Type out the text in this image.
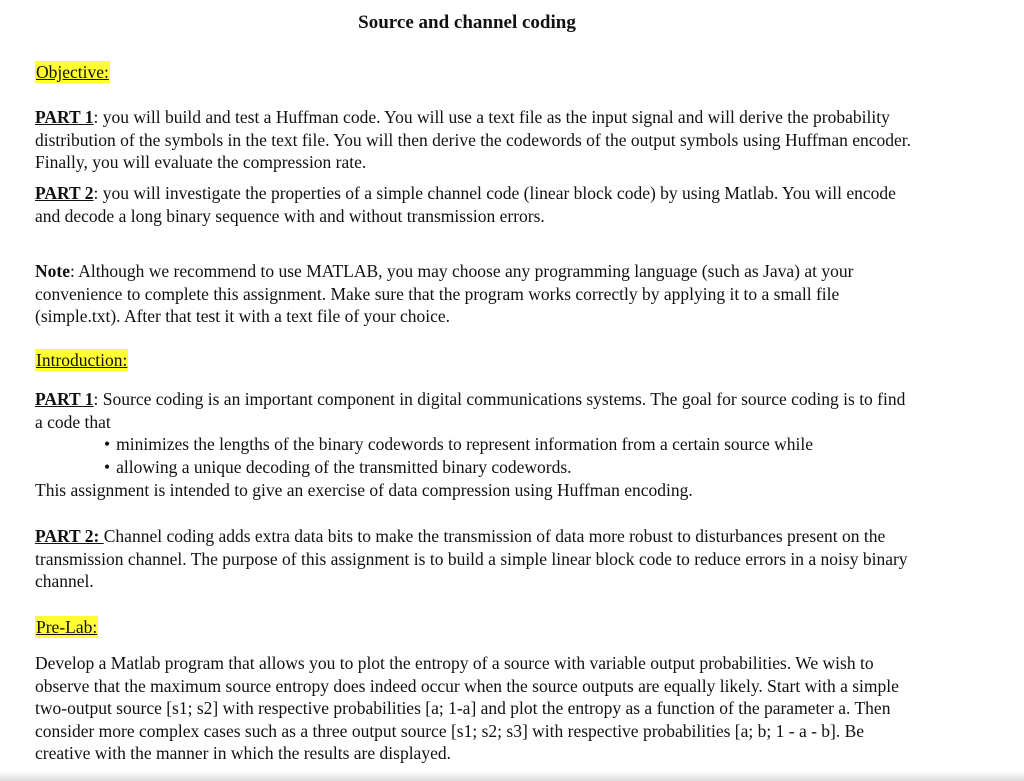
Source and channel coding
Objective:
PART 1: you will build and test a Huffman code. You will use a text file as the input signal and will derive the probability distribution of the symbols in the text file. You will then derive the codewords of the output symbols using Huffman encoder. Finally, you will evaluate the compression rate.
PART 2: you will investigate the properties of a simple channel code (linear block code) by using Matlab. You will encode and decode a long binary sequence with and without transmission errors.
Note: Although we recommend to use MATLAB, you may choose any programming language (such as Java) at your convenience to complete this assignment. Make sure that the program works correctly by applying it to a small file (simple.txt). After that test it with a text file of your choice.
Introduction:
PART 1: Source coding is an important component in digital communications systems. The goal for source coding is to find a code that
• minimizes the lengths of the binary codewords to represent information from a certain source while
• allowing a unique decoding of the transmitted binary codewords.
This assignment is intended to give an exercise of data compression using Huffman encoding.
PART 2: Channel coding adds extra data bits to make the transmission of data more robust to disturbances present on the transmission channel. The purpose of this assignment is to build a simple linear block code to reduce errors in a noisy binary channel.
Pre-Lab:
Develop a Matlab program that allows you to plot the entropy of a source with variable output probabilities. We wish to observe that the maximum source entropy does indeed occur when the source outputs are equally likely. Start with a simple two-output source [s1; s2] with respective probabilities [a; 1-a] and plot the entropy as a function of the parameter a. Then consider more complex cases such as a three output source [s1; s2; s3] with respective probabilities [a; b; 1 - a - b]. Be creative with the manner in which the results are displayed.
